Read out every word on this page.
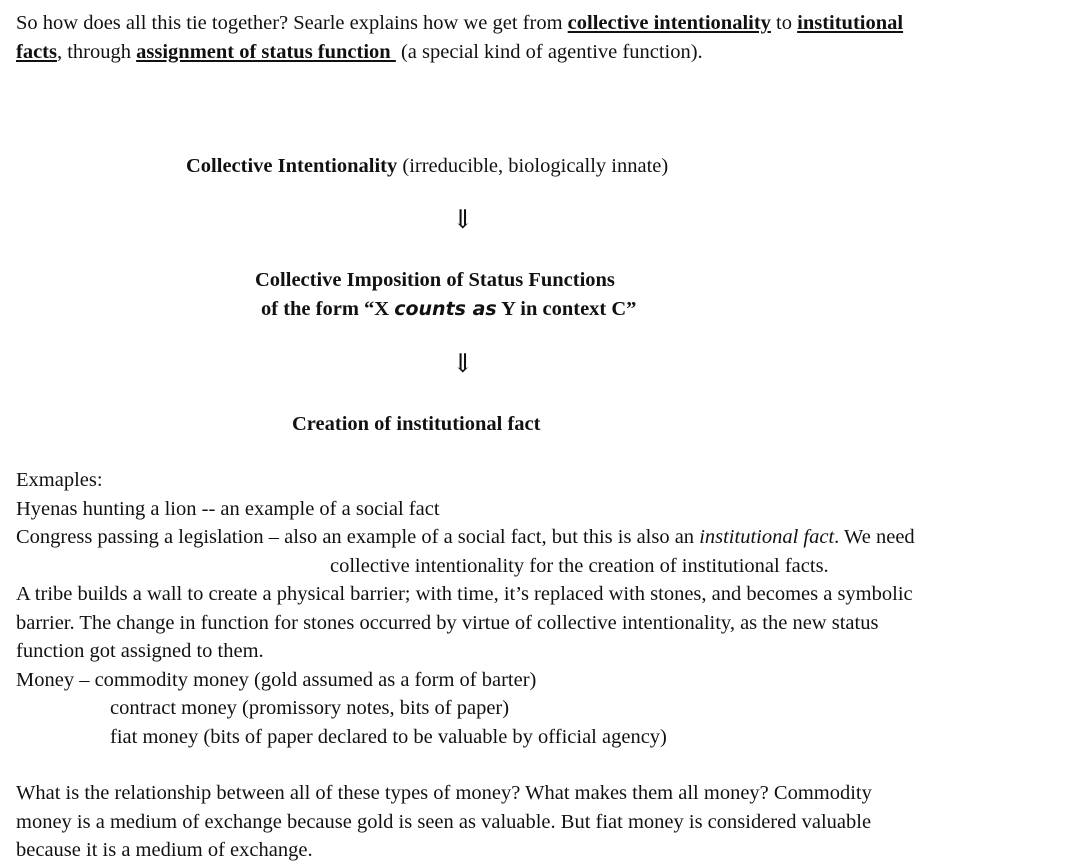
So how does all this tie together? Searle explains how we get from collective intentionality to institutional
facts, through assignment of status function  (a special kind of agentive function).
Collective Intentionality (irreducible, biologically innate)
⇓
Collective Imposition of Status Functions
of the form “X counts as Y in context C”
⇓
Creation of institutional fact
Exmaples:
Hyenas hunting a lion -- an example of a social fact
Congress passing a legislation – also an example of a social fact, but this is also an institutional fact. We need
collective intentionality for the creation of institutional facts.
A tribe builds a wall to create a physical barrier; with time, it’s replaced with stones, and becomes a symbolic
barrier. The change in function for stones occurred by virtue of collective intentionality, as the new status
function got assigned to them.
Money – commodity money (gold assumed as a form of barter)
contract money (promissory notes, bits of paper)
fiat money (bits of paper declared to be valuable by official agency)
What is the relationship between all of these types of money? What makes them all money? Commodity
money is a medium of exchange because gold is seen as valuable. But fiat money is considered valuable
because it is a medium of exchange.
